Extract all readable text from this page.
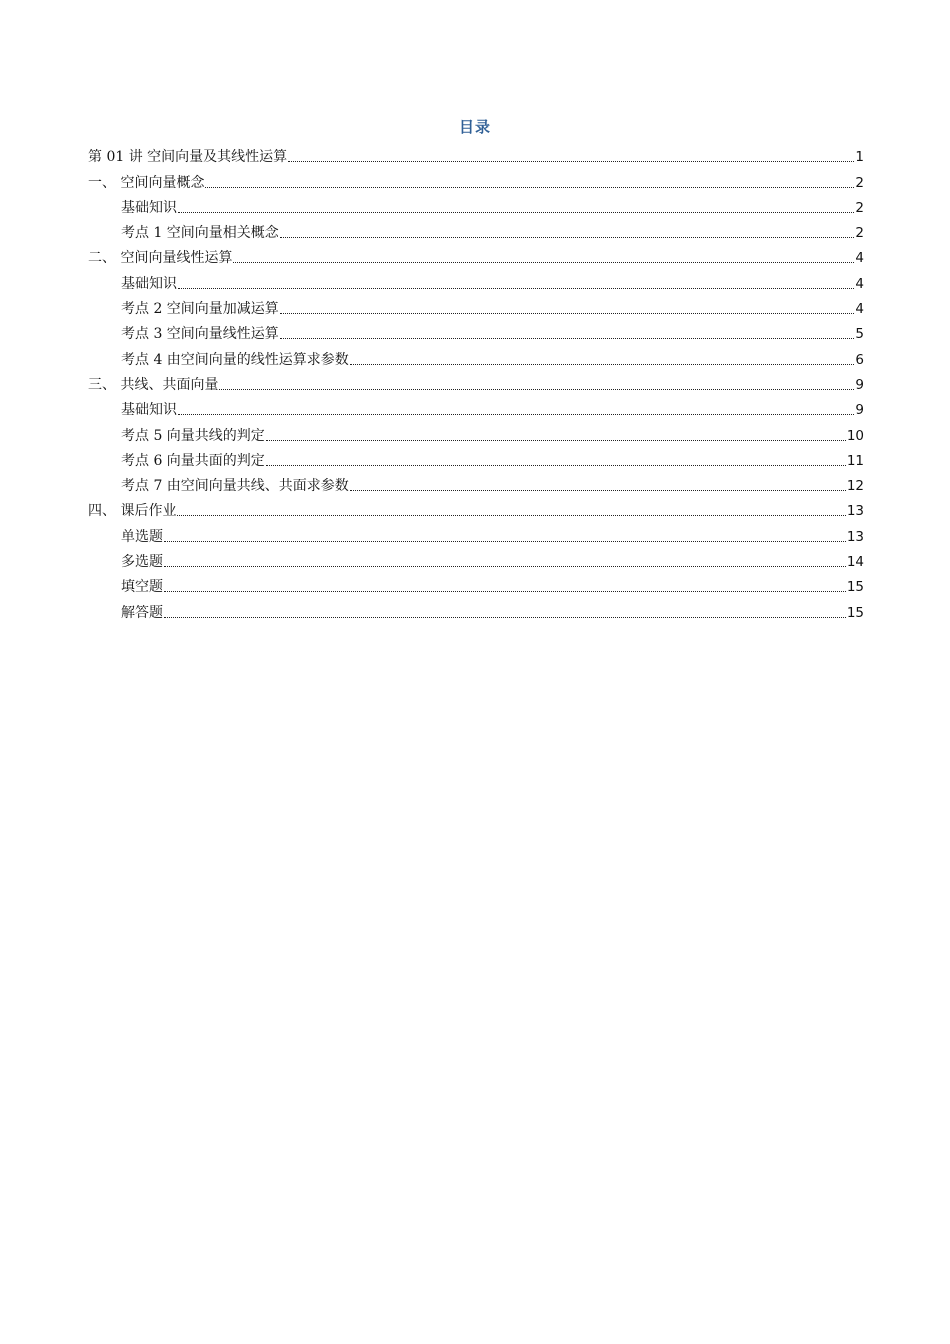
目录
第 01 讲 空间向量及其线性运算	1
一、 空间向量概念	2
基础知识	2
考点 1 空间向量相关概念	2
二、 空间向量线性运算	4
基础知识	4
考点 2 空间向量加减运算	4
考点 3 空间向量线性运算	5
考点 4 由空间向量的线性运算求参数	6
三、 共线、共面向量	9
基础知识	9
考点 5 向量共线的判定	10
考点 6 向量共面的判定	11
考点 7 由空间向量共线、共面求参数	12
四、 课后作业	13
单选题	13
多选题	14
填空题	15
解答题	15
